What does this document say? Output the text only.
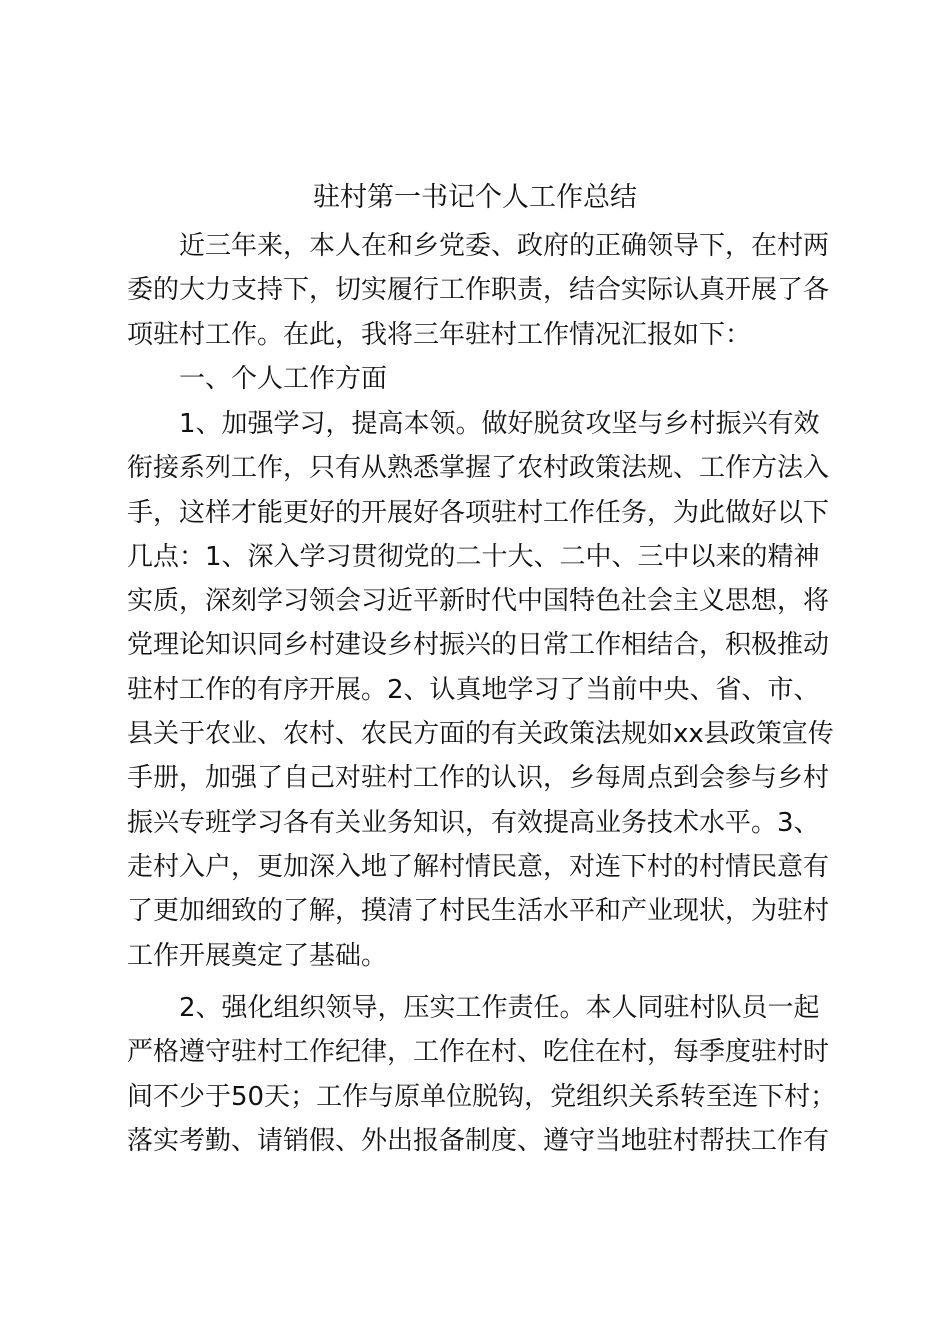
驻村第一书记个人工作总结

近三年来，本人在和乡党委、政府的正确领导下，在村两委的大力支持下，切实履行工作职责，结合实际认真开展了各项驻村工作。在此，我将三年驻村工作情况汇报如下：

一、个人工作方面

1、加强学习，提高本领。做好脱贫攻坚与乡村振兴有效衔接系列工作，只有从熟悉掌握了农村政策法规、工作方法入手，这样才能更好的开展好各项驻村工作任务，为此做好以下几点：1、深入学习贯彻党的二十大、二中、三中以来的精神实质，深刻学习领会习近平新时代中国特色社会主义思想，将党理论知识同乡村建设乡村振兴的日常工作相结合，积极推动驻村工作的有序开展。2、认真地学习了当前中央、省、市、县关于农业、农村、农民方面的有关政策法规如xx县政策宣传手册，加强了自己对驻村工作的认识，乡每周点到会参与乡村振兴专班学习各有关业务知识，有效提高业务技术水平。3、走村入户，更加深入地了解村情民意，对连下村的村情民意有了更加细致的了解，摸清了村民生活水平和产业现状，为驻村工作开展奠定了基础。

2、强化组织领导，压实工作责任。本人同驻村队员一起严格遵守驻村工作纪律，工作在村、吃住在村，每季度驻村时间不少于50天；工作与原单位脱钩，党组织关系转至连下村；落实考勤、请销假、外出报备制度、遵守当地驻村帮扶工作有
